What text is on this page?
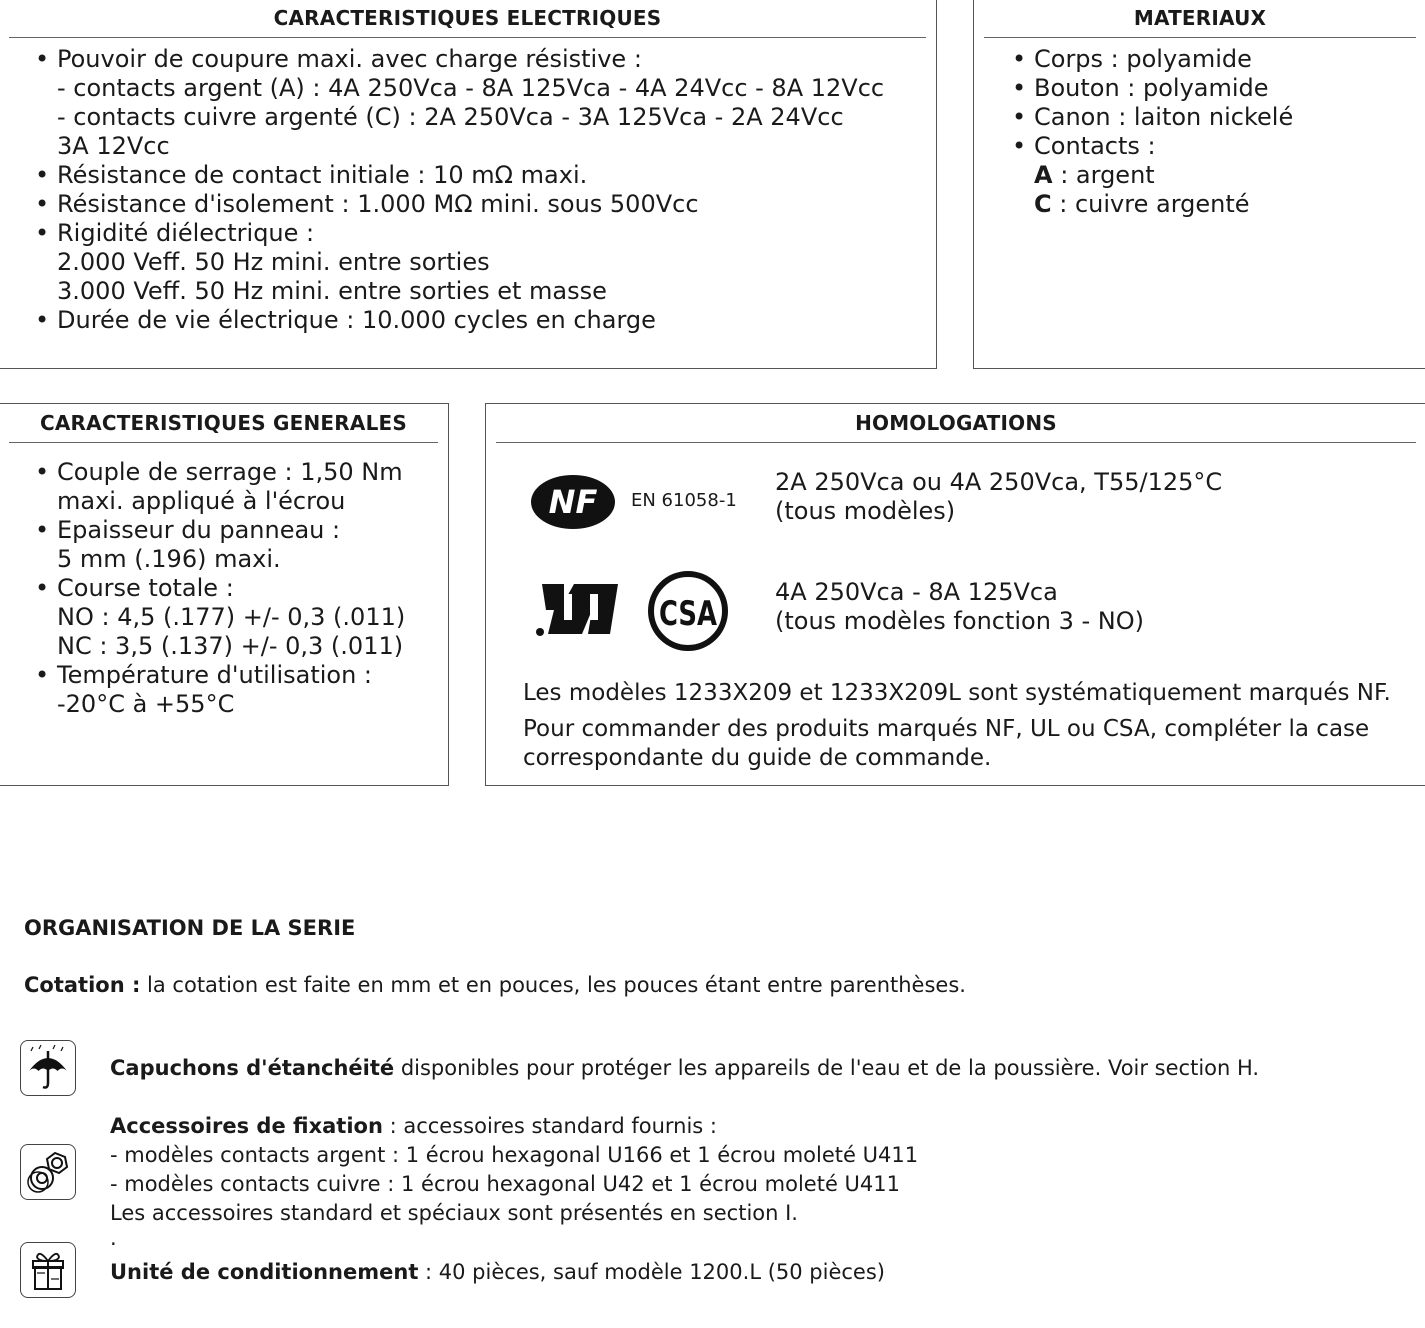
CARACTERISTIQUES ELECTRIQUES
• Pouvoir de coupure maxi. avec charge résistive :
- contacts argent (A) : 4A 250Vca - 8A 125Vca - 4A 24Vcc - 8A 12Vcc
- contacts cuivre argenté (C) : 2A 250Vca - 3A 125Vca - 2A 24Vcc
3A 12Vcc
• Résistance de contact initiale : 10 mΩ maxi.
• Résistance d'isolement : 1.000 MΩ mini. sous 500Vcc
• Rigidité diélectrique :
2.000 Veff. 50 Hz mini. entre sorties
3.000 Veff. 50 Hz mini. entre sorties et masse
• Durée de vie électrique : 10.000 cycles en charge
MATERIAUX
• Corps : polyamide
• Bouton : polyamide
• Canon : laiton nickelé
• Contacts :
A : argent
C : cuivre argenté
CARACTERISTIQUES GENERALES
• Couple de serrage : 1,50 Nm
maxi. appliqué à l'écrou
• Epaisseur du panneau :
5 mm (.196) maxi.
• Course totale :
NO : 4,5 (.177) +/- 0,3 (.011)
NC : 3,5 (.137) +/- 0,3 (.011)
• Température d'utilisation :
-20°C à +55°C
HOMOLOGATIONS
NF EN 61058-1
2A 250Vca ou 4A 250Vca, T55/125°C
(tous modèles)
UL CSA
4A 250Vca - 8A 125Vca
(tous modèles fonction 3 - NO)
Les modèles 1233X209 et 1233X209L sont systématiquement marqués NF.
Pour commander des produits marqués NF, UL ou CSA, compléter la case
correspondante du guide de commande.
ORGANISATION DE LA SERIE
Cotation : la cotation est faite en mm et en pouces, les pouces étant entre parenthèses.
Capuchons d'étanchéité disponibles pour protéger les appareils de l'eau et de la poussière. Voir section H.
Accessoires de fixation : accessoires standard fournis :
- modèles contacts argent : 1 écrou hexagonal U166 et 1 écrou moleté U411
- modèles contacts cuivre : 1 écrou hexagonal U42 et 1 écrou moleté U411
Les accessoires standard et spéciaux sont présentés en section I.
.
Unité de conditionnement : 40 pièces, sauf modèle 1200.L (50 pièces)
